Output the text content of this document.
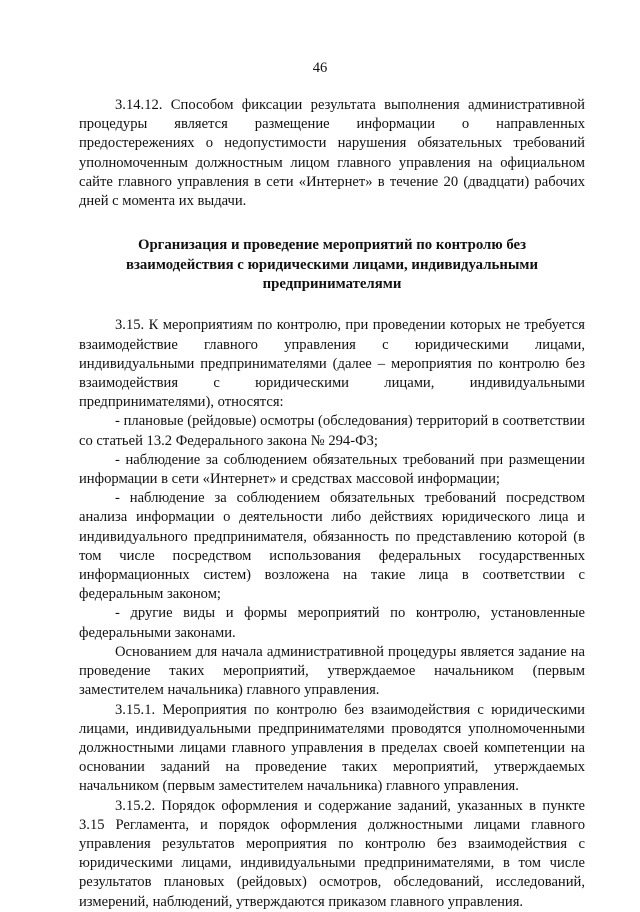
46

3.14.12. Способом фиксации результата выполнения административной процедуры является размещение информации о направленных предостережениях о недопустимости нарушения обязательных требований уполномоченным должностным лицом главного управления на официальном сайте главного управления в сети «Интернет» в течение 20 (двадцати) рабочих дней с момента их выдачи.

Организация и проведение мероприятий по контролю без взаимодействия с юридическими лицами, индивидуальными предпринимателями

3.15. К мероприятиям по контролю, при проведении которых не требуется взаимодействие главного управления с юридическими лицами, индивидуальными предпринимателями (далее – мероприятия по контролю без взаимодействия с юридическими лицами, индивидуальными предпринимателями), относятся:

- плановые (рейдовые) осмотры (обследования) территорий в соответствии со статьей 13.2 Федерального закона № 294-ФЗ;

- наблюдение за соблюдением обязательных требований при размещении информации в сети «Интернет» и средствах массовой информации;

- наблюдение за соблюдением обязательных требований посредством анализа информации о деятельности либо действиях юридического лица и индивидуального предпринимателя, обязанность по представлению которой (в том числе посредством использования федеральных государственных информационных систем) возложена на такие лица в соответствии с федеральным законом;

- другие виды и формы мероприятий по контролю, установленные федеральными законами.

Основанием для начала административной процедуры является задание на проведение таких мероприятий, утверждаемое начальником (первым заместителем начальника) главного управления.

3.15.1. Мероприятия по контролю без взаимодействия с юридическими лицами, индивидуальными предпринимателями проводятся уполномоченными должностными лицами главного управления в пределах своей компетенции на основании заданий на проведение таких мероприятий, утверждаемых начальником (первым заместителем начальника) главного управления.

3.15.2. Порядок оформления и содержание заданий, указанных в пункте 3.15 Регламента, и порядок оформления должностными лицами главного управления результатов мероприятия по контролю без взаимодействия с юридическими лицами, индивидуальными предпринимателями, в том числе результатов плановых (рейдовых) осмотров, обследований, исследований, измерений, наблюдений, утверждаются приказом главного управления.
